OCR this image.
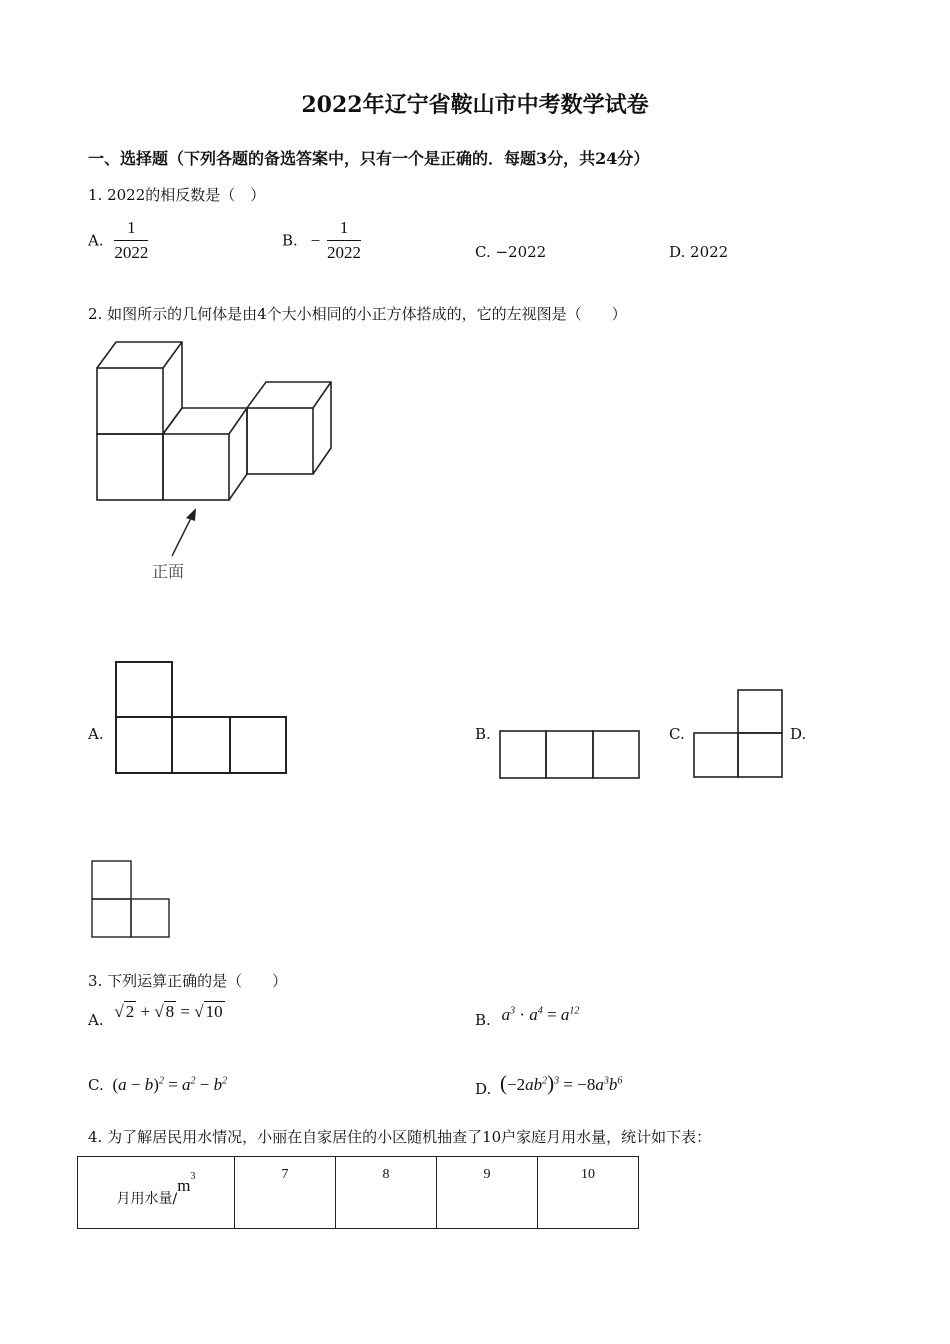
2022年辽宁省鞍山市中考数学试卷
一、选择题（下列各题的备选答案中，只有一个是正确的．每题3分，共24分）
1. 2022的相反数是（　）
A. $\frac{1}{2022}$	B. − $\frac{1}{2022}$	C. −2022	D. 2022
2. 如图所示的几何体是由4个大小相同的小正方体搭成的，它的左视图是（　　）
正面
A.	B.	C.	D.
3. 下列运算正确的是（　　）
A. √ 2 + √ 8 = √ 10	B. $a^3 \cdot a^4 = a^{12}$
C. $(a - b)^2 = a^2 - b^2$	D. $(-2ab^2)^3 = -8a^3b^6$
4. 为了解居民用水情况，小丽在自家居住的小区随机抽查了10户家庭月用水量，统计如下表：
月用水量$/m^3$	7	8	9	10
